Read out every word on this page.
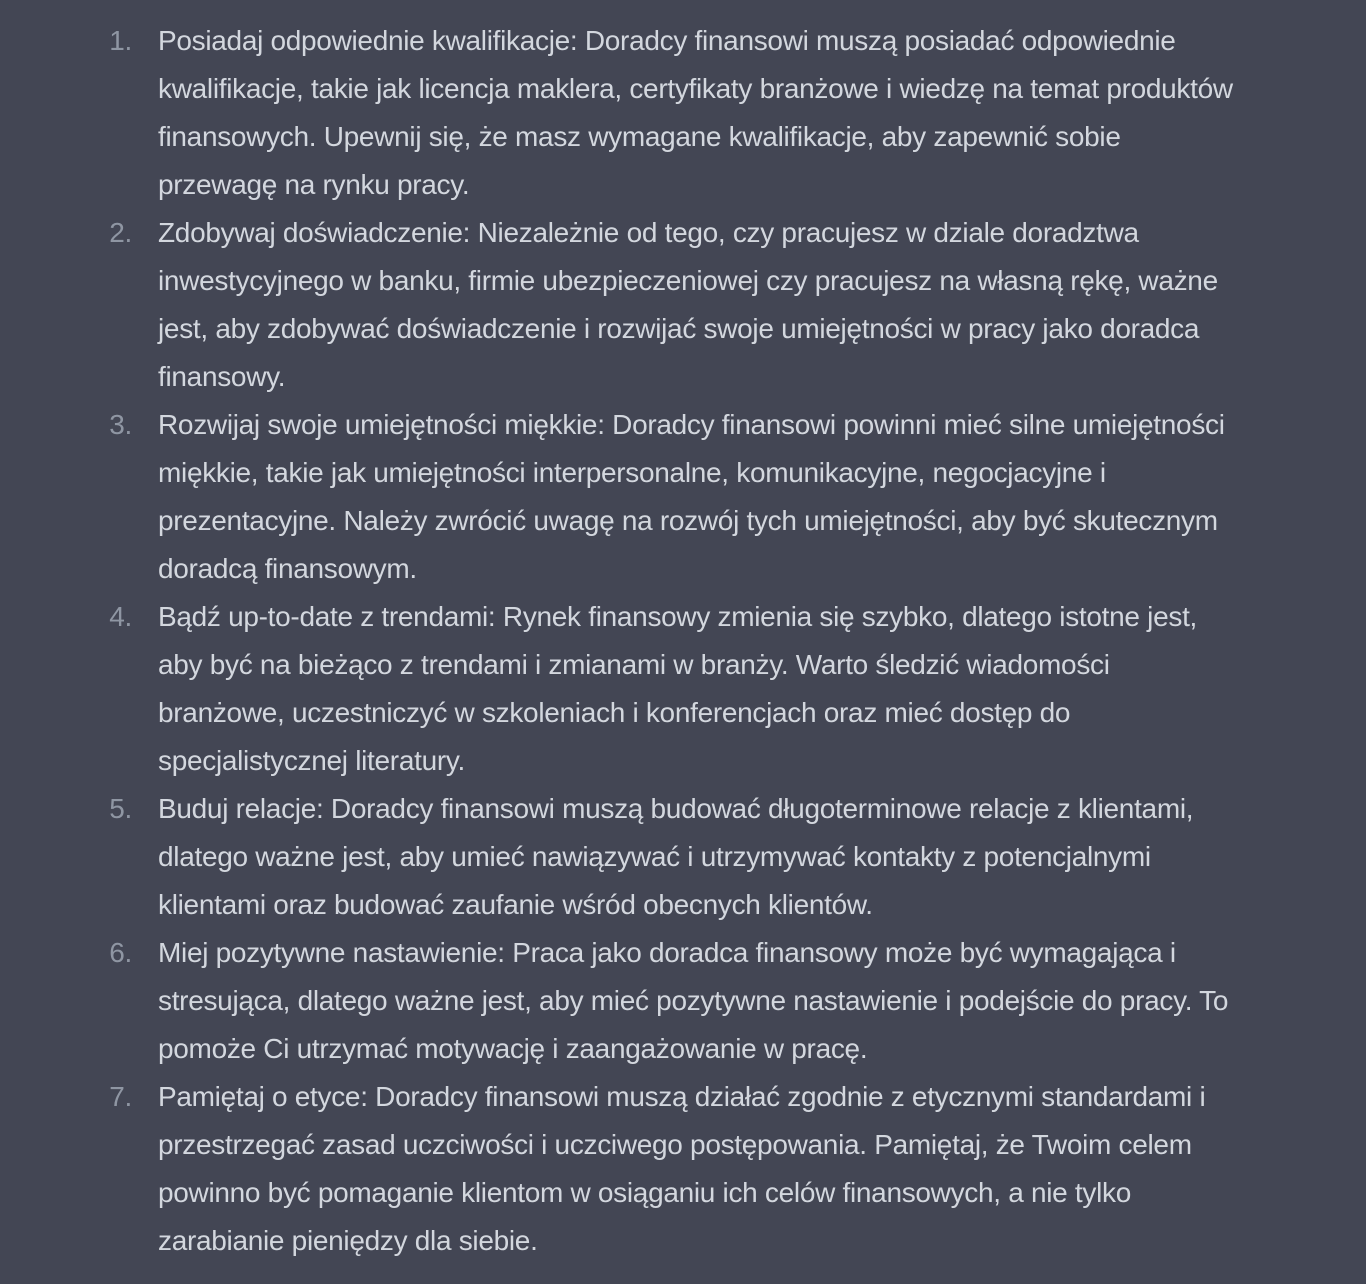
1. Posiadaj odpowiednie kwalifikacje: Doradcy finansowi muszą posiadać odpowiednie kwalifikacje, takie jak licencja maklera, certyfikaty branżowe i wiedzę na temat produktów finansowych. Upewnij się, że masz wymagane kwalifikacje, aby zapewnić sobie przewagę na rynku pracy.
2. Zdobywaj doświadczenie: Niezależnie od tego, czy pracujesz w dziale doradztwa inwestycyjnego w banku, firmie ubezpieczeniowej czy pracujesz na własną rękę, ważne jest, aby zdobywać doświadczenie i rozwijać swoje umiejętności w pracy jako doradca finansowy.
3. Rozwijaj swoje umiejętności miękkie: Doradcy finansowi powinni mieć silne umiejętności miękkie, takie jak umiejętności interpersonalne, komunikacyjne, negocjacyjne i prezentacyjne. Należy zwrócić uwagę na rozwój tych umiejętności, aby być skutecznym doradcą finansowym.
4. Bądź up-to-date z trendami: Rynek finansowy zmienia się szybko, dlatego istotne jest, aby być na bieżąco z trendami i zmianami w branży. Warto śledzić wiadomości branżowe, uczestniczyć w szkoleniach i konferencjach oraz mieć dostęp do specjalistycznej literatury.
5. Buduj relacje: Doradcy finansowi muszą budować długoterminowe relacje z klientami, dlatego ważne jest, aby umieć nawiązywać i utrzymywać kontakty z potencjalnymi klientami oraz budować zaufanie wśród obecnych klientów.
6. Miej pozytywne nastawienie: Praca jako doradca finansowy może być wymagająca i stresująca, dlatego ważne jest, aby mieć pozytywne nastawienie i podejście do pracy. To pomoże Ci utrzymać motywację i zaangażowanie w pracę.
7. Pamiętaj o etyce: Doradcy finansowi muszą działać zgodnie z etycznymi standardami i przestrzegać zasad uczciwości i uczciwego postępowania. Pamiętaj, że Twoim celem powinno być pomaganie klientom w osiąganiu ich celów finansowych, a nie tylko zarabianie pieniędzy dla siebie.
